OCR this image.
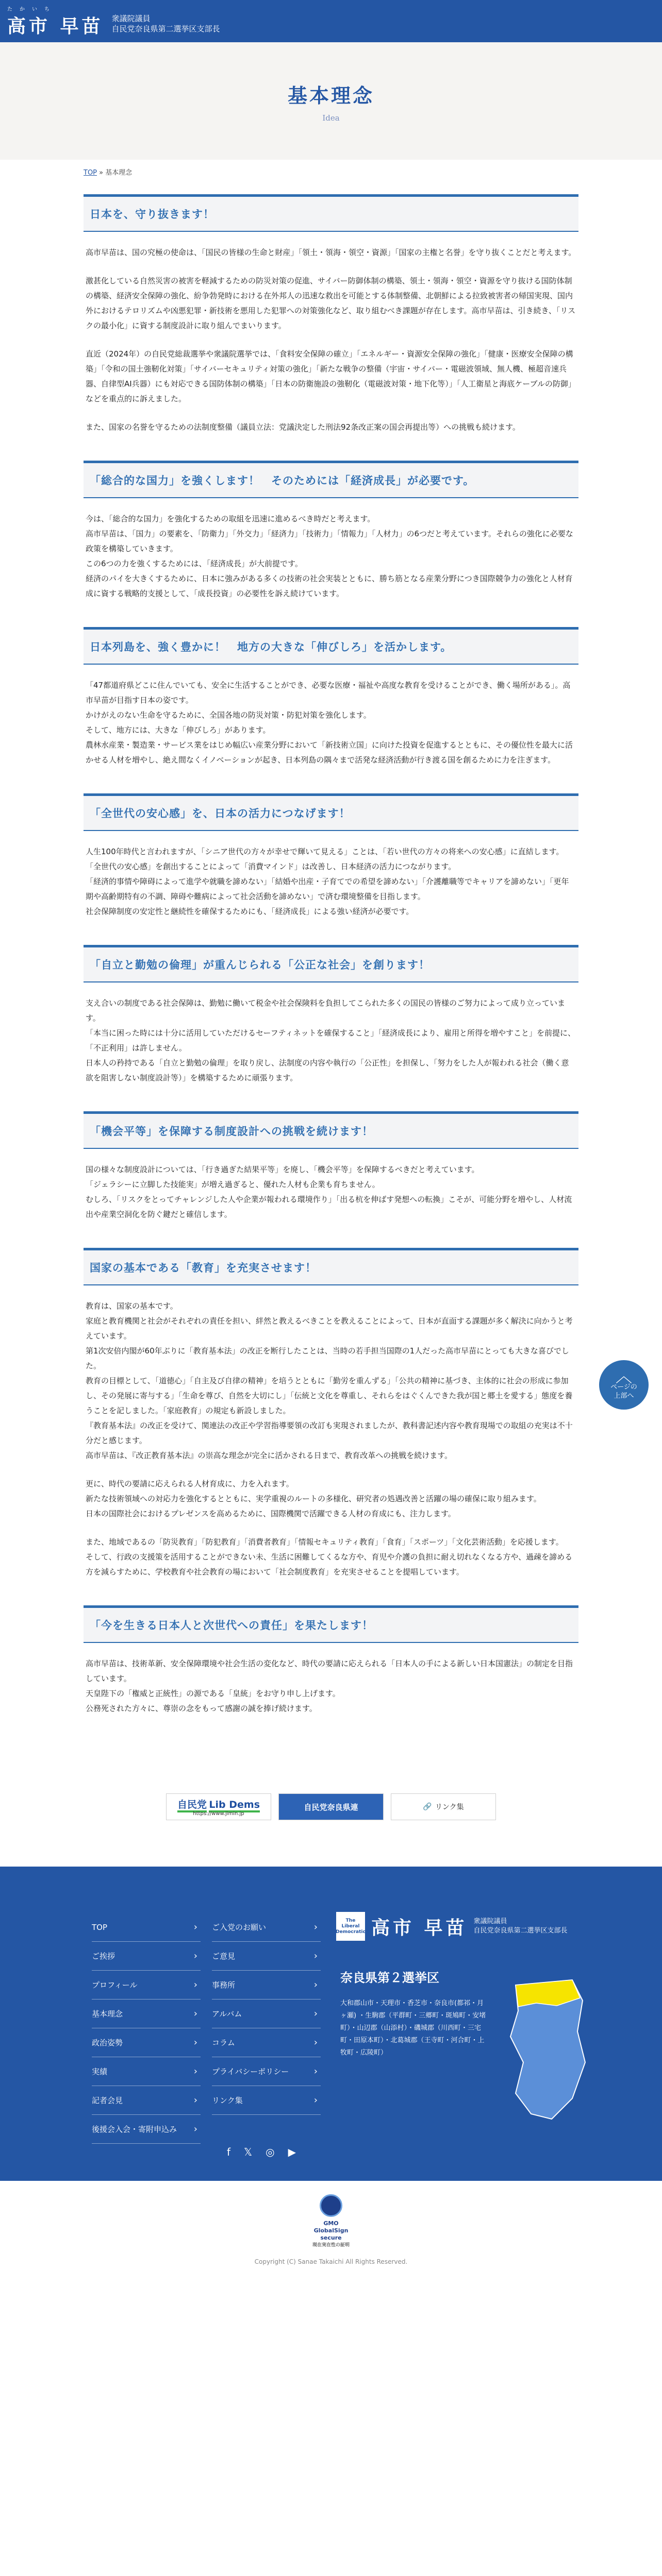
たかいち
高市 早苗 衆議院議員
自民党奈良県第二選挙区支部長
基本理念
Idea
TOP » 基本理念
日本を、守り抜きます！

高市早苗は、国の究極の使命は、「国民の皆様の生命と財産」「領土・領海・領空・資源」「国家の主権と名誉」を守り抜くことだと考えます。

激甚化している自然災害の被害を軽減するための防災対策の促進、サイバー防御体制の構築、領土・領海・領空・資源を守り抜ける国防体制の構築、経済安全保障の強化、紛争勃発時における在外邦人の迅速な救出を可能とする体制整備、北朝鮮による拉致被害者の帰国実現、国内外におけるテロリズムや凶悪犯罪・新技術を悪用した犯罪への対策強化など、取り組むべき課題が存在します。高市早苗は、引き続き、「リスクの最小化」に資する制度設計に取り組んでまいります。

直近（2024年）の自民党総裁選挙や衆議院選挙では、「食料安全保障の確立」「エネルギー・資源安全保障の強化」「健康・医療安全保障の構築」「令和の国土強靭化対策」「サイバーセキュリティ対策の強化」「新たな戦争の整備（宇宙・サイバー・電磁波領域、無人機、極超音速兵器、自律型AI兵器）にも対応できる国防体制の構築」「日本の防衛施設の強靭化（電磁波対策・地下化等）」「人工衛星と海底ケーブルの防御」などを重点的に訴えました。

また、国家の名誉を守るための法制度整備（議員立法：党議決定した刑法92条改正案の国会再提出等）への挑戦も続けます。

「総合的な国力」を強くします！　そのためには「経済成長」が必要です。

今は、「総合的な国力」を強化するための取組を迅速に進めるべき時だと考えます。
高市早苗は、「国力」の要素を、「防衛力」「外交力」「経済力」「技術力」「情報力」「人材力」の6つだと考えています。それらの強化に必要な政策を構築していきます。
この6つの力を強くするためには、「経済成長」が大前提です。
経済のパイを大きくするために、日本に強みがある多くの技術の社会実装とともに、勝ち筋となる産業分野につき国際競争力の強化と人材育成に資する戦略的支援として、「成長投資」の必要性を訴え続けています。

日本列島を、強く豊かに！　地方の大きな「伸びしろ」を活かします。

「47都道府県どこに住んでいても、安全に生活することができ、必要な医療・福祉や高度な教育を受けることができ、働く場所がある」。高市早苗が目指す日本の姿です。
かけがえのない生命を守るために、全国各地の防災対策・防犯対策を強化します。
そして、地方には、大きな「伸びしろ」があります。
農林水産業・製造業・サービス業をはじめ幅広い産業分野において「新技術立国」に向けた投資を促進するとともに、その優位性を最大に活かせる人材を増やし、絶え間なくイノベーションが起き、日本列島の隅々まで活発な経済活動が行き渡る国を創るために力を注ぎます。

「全世代の安心感」を、日本の活力につなげます！

人生100年時代と言われますが、「シニア世代の方々が幸せで輝いて見える」ことは、「若い世代の方々の将来への安心感」に直結します。
「全世代の安心感」を創出することによって「消費マインド」は改善し、日本経済の活力につながります。
「経済的事情や障碍によって進学や就職を諦めない」「結婚や出産・子育てでの希望を諦めない」「介護離職等でキャリアを諦めない」「更年期や高齢期特有の不調、障碍や難病によって社会活動を諦めない」で済む環境整備を目指します。
社会保障制度の安定性と継続性を確保するためにも、「経済成長」による強い経済が必要です。

「自立と勤勉の倫理」が重んじられる「公正な社会」を創ります！

支え合いの制度である社会保障は、勤勉に働いて税金や社会保険料を負担してこられた多くの国民の皆様のご努力によって成り立っています。
「本当に困った時には十分に活用していただけるセーフティネットを確保すること」「経済成長により、雇用と所得を増やすこと」を前提に、「不正利用」は許しません。
日本人の矜持である「自立と勤勉の倫理」を取り戻し、法制度の内容や執行の「公正性」を担保し、「努力をした人が報われる社会（働く意欲を阻害しない制度設計等）」を構築するために頑張ります。

「機会平等」を保障する制度設計への挑戦を続けます！

国の様々な制度設計については、「行き過ぎた結果平等」を廃し、「機会平等」を保障するべきだと考えています。
「ジェラシーに立脚した技能実」が増え過ぎると、優れた人材も企業も育ちません。
むしろ、「リスクをとってチャレンジした人や企業が報われる環境作り」「出る杭を伸ばす発想への転換」こそが、可能分野を増やし、人材流出や産業空洞化を防ぐ鍵だと確信します。

国家の基本である「教育」を充実させます！

教育は、国家の基本です。
家庭と教育機関と社会がそれぞれの責任を担い、絆然と教えるべきことを教えることによって、日本が直面する課題が多く解決に向かうと考えています。
第1次安倍内閣が60年ぶりに「教育基本法」の改正を断行したことは、当時の若手担当国際の1人だった高市早苗にとっても大きな喜びでした。
教育の目標として、「道徳心」「自主及び自律の精神」を培うとともに「勤労を重んずる」「公共の精神に基づき、主体的に社会の形成に参加し、その発展に寄与する」「生命を尊び、自然を大切にし」「伝統と文化を尊重し、それらをはぐくんできた我が国と郷土を愛する」態度を養うことを記しました。「家庭教育」の規定も新設しました。
『教育基本法』の改正を受けて、関連法の改正や学習指導要領の改訂も実現されましたが、教科書記述内容や教育現場での取組の充実は不十分だと感じます。
高市早苗は、『改正教育基本法』の崇高な理念が完全に活かされる日まで、教育改革への挑戦を続けます。

更に、時代の要請に応えられる人材育成に、力を入れます。
新たな技術領域への対応力を強化するとともに、実学重視のルートの多様化、研究者の処遇改善と活躍の場の確保に取り組みます。
日本の国際社会におけるプレゼンスを高めるために、国際機関で活躍できる人材の育成にも、注力します。

また、地域であるの「防災教育」「防犯教育」「消費者教育」「情報セキュリティ教育」「食育」「スポーツ」「文化芸術活動」を応援します。
そして、行政の支援策を活用することができない未、生活に困難してくるな方や、育児や介護の負担に耐え切れなくなる方や、過疎を諦める方を減らすために、学校教育や社会教育の場において「社会制度教育」を充実させることを提唱しています。

「今を生きる日本人と次世代への責任」を果たします！

高市早苗は、技術革新、安全保障環境や社会生活の変化など、時代の要請に応えられる「日本人の手による新しい日本国憲法」の制定を目指しています。
天皇陛下の「権威と正統性」の源である「皇統」をお守り申し上げます。
公務死された方々に、尊崇の念をもって感謝の誠を捧げ続けます。

︿
ページの
上部へ
自民党 Lib Dems
https://www.jimin.jp
自民党奈良県連	🔗 リンク集
TOP	› ご入党のお願い	›
ご挨拶	› ご意見	›
プロフィール	› 事務所	›
基本理念	› アルバム	›
政治姿勢	› コラム	›
実績	› プライバシーポリシー	›
記者会見	› リンク集	›
後援会入会・寄附申込み ›
f 𝕏 ◎ ▶
The
Liberal
Democratic 高市 早苗 衆議院議員
自民党奈良県第二選挙区支部長
奈良県第２選挙区
大和郡山市・天理市・香芝市・奈良市(都祁・月ヶ瀬) ・生駒郡（平群町・三郷町・斑鳩町・安堵町）・山辺郡（山添村）・磯城郡（川西町・三宅町・田原本町）・北葛城郡（王寺町・河合町・上牧町・広陵町）
GMO
GlobalSign
secure
現在実在性の証明
Copyright (C) Sanae Takaichi All Rights Reserved.
